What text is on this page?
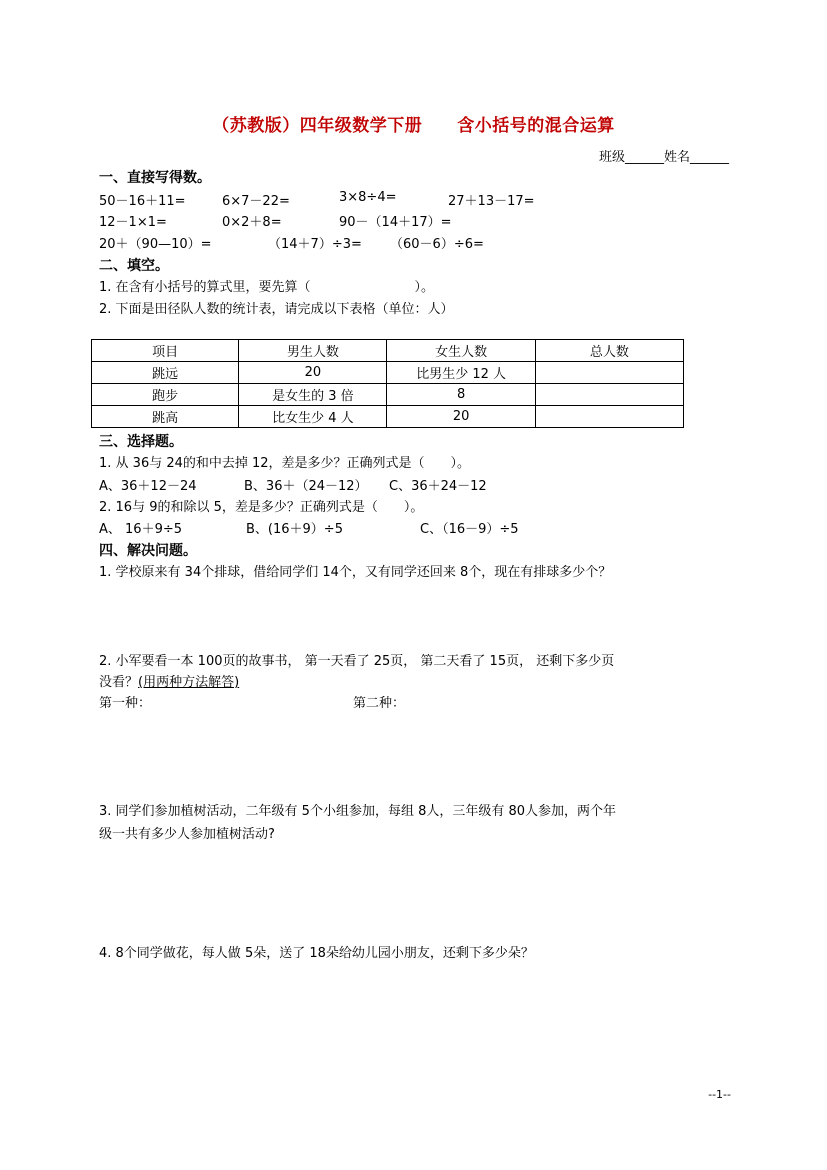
（苏教版）四年级数学下册　　含小括号的混合运算
班级______姓名______
一、直接写得数。
50－16＋11=	6×7－22=	3×8÷4=	27＋13－17=
12－1×1=	0×2＋8=	90－（14＋17）=
20＋（90—10）=	（14＋7）÷3= （60－6）÷6=
二、填空。
1. 在含有小括号的算式里，要先算（　　　　　　　　）。
2. 下面是田径队人数的统计表，请完成以下表格（单位：人）
项目	男生人数	女生人数	总人数
跳远	20	比男生少 12 人	
跑步	是女生的 3 倍	8	
跳高	比女生少 4 人	20	
三、选择题。
1. 从 36与 24的和中去掉 12，差是多少？正确列式是（　　）。
A、36＋12－24	B、36＋（24－12） C、36＋24－12
2. 16与 9的和除以 5，差是多少？正确列式是（　　）。
A、 16＋9÷5	B、(16＋9）÷5	C、（16－9）÷5
四、解决问题。
1. 学校原来有 34个排球，借给同学们 14个，又有同学还回来 8个，现在有排球多少个？
2. 小军要看一本 100页的故事书， 第一天看了 25页， 第二天看了 15页， 还剩下多少页
没看？(用两种方法解答)
第一种：	第二种：
3. 同学们参加植树活动，二年级有 5个小组参加，每组 8人，三年级有 80人参加，两个年
级一共有多少人参加植树活动?
4. 8个同学做花，每人做 5朵，送了 18朵给幼儿园小朋友，还剩下多少朵？
--1--
